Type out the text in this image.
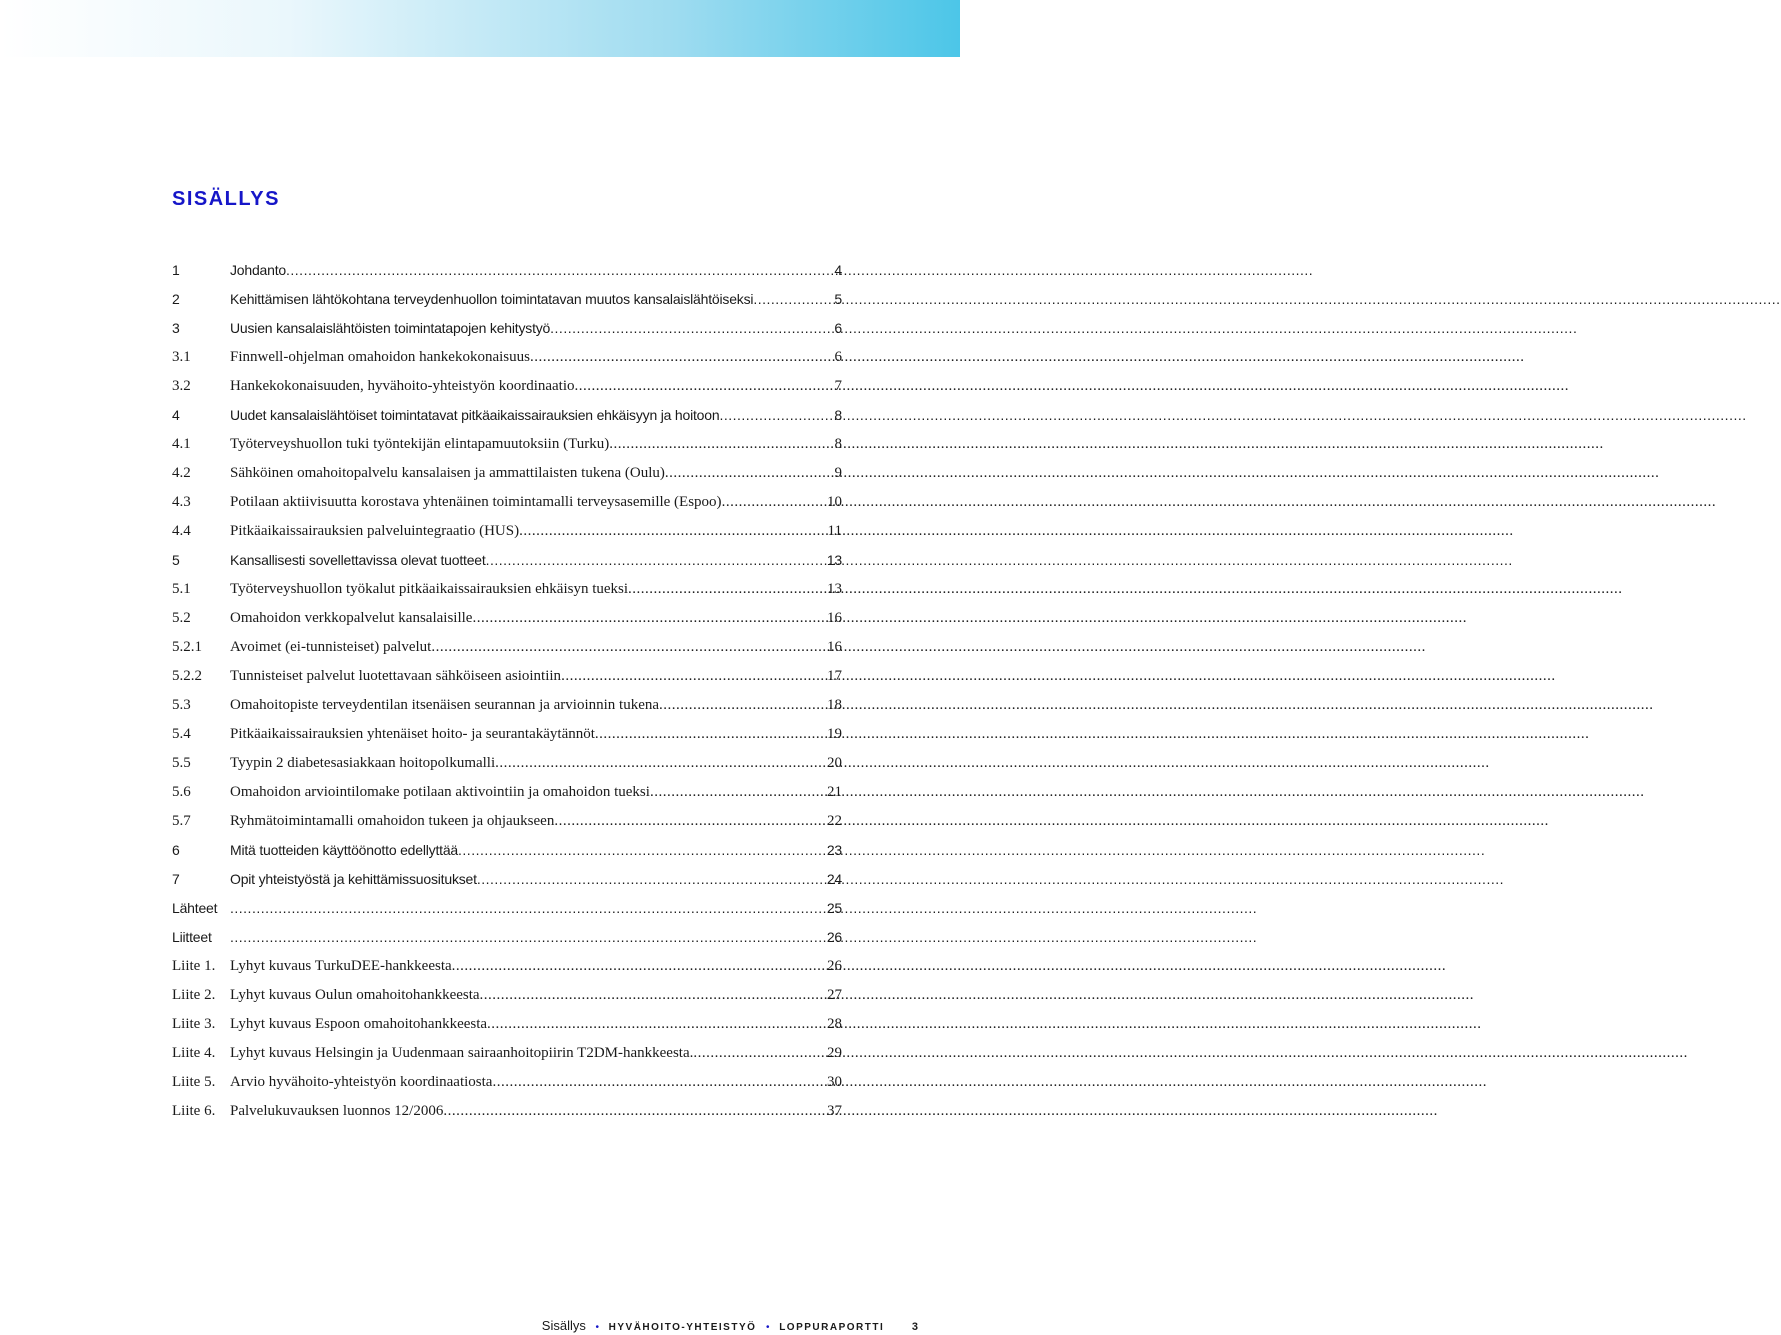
SISÄLLYS
1	Johdanto .....	4
2	Kehittämisen lähtökohtana terveydenhuollon toimintatavan muutos kansalaislähtöiseksi .....	5
3	Uusien kansalaislähtöisten toimintatapojen kehitystyö .....	6
3.1	Finnwell-ohjelman omahoidon hankekokonaisuus .....	6
3.2	Hankekokonaisuuden, hyvähoito-yhteistyön koordinaatio .....	7
4	Uudet kansalaislähtöiset toimintatavat pitkäaikaissairauksien ehkäisyyn ja hoitoon .....	8
4.1	Työterveyshuollon tuki työntekijän elintapamuutoksiin (Turku) .....	8
4.2	Sähköinen omahoitopalvelu kansalaisen ja ammattilaisten tukena (Oulu) .....	9
4.3	Potilaan aktiivisuutta korostava yhtenäinen toimintamalli terveysasemille (Espoo) .....	10
4.4	Pitkäaikaissairauksien palveluintegraatio (HUS) .....	11
5	Kansallisesti sovellettavissa olevat tuotteet .....	13
5.1	Työterveyshuollon työkalut pitkäaikaissairauksien ehkäisyn tueksi .....	13
5.2	Omahoidon verkkopalvelut kansalaisille .....	16
5.2.1	Avoimet (ei-tunnisteiset) palvelut .....	16
5.2.2	Tunnisteiset palvelut luotettavaan sähköiseen asiointiin .....	17
5.3	Omahoitopiste terveydentilan itsenäisen seurannan ja arvioinnin tukena .....	18
5.4	Pitkäaikaissairauksien yhtenäiset hoito- ja seurantakäytännöt .....	19
5.5	Tyypin 2 diabetesasiakkaan hoitopolkumalli .....	20
5.6	Omahoidon arviointilomake potilaan aktivointiin ja omahoidon tueksi .....	21
5.7	Ryhmätoimintamalli omahoidon tukeen ja ohjaukseen .....	22
6	Mitä tuotteiden käyttöönotto edellyttää .....	23
7	Opit yhteistyöstä ja kehittämissuositukset .....	24
Lähteet .....	25
Liitteet .....	26
Liite 1. Lyhyt kuvaus TurkuDEE-hankkeesta .....	26
Liite 2. Lyhyt kuvaus Oulun omahoitohankkeesta .....	27
Liite 3. Lyhyt kuvaus Espoon omahoitohankkeesta .....	28
Liite 4. Lyhyt kuvaus Helsingin ja Uudenmaan sairaanhoitopiirin T2DM-hankkeesta. .....	29
Liite 5. Arvio hyvähoito-yhteistyön koordinaatiosta .....	30
Liite 6. Palvelukuvauksen luonnos 12/2006 .....	37
Sisällys • HYVÄHOITO-YHTEISTYÖ • LOPPURAPORTTI	3
